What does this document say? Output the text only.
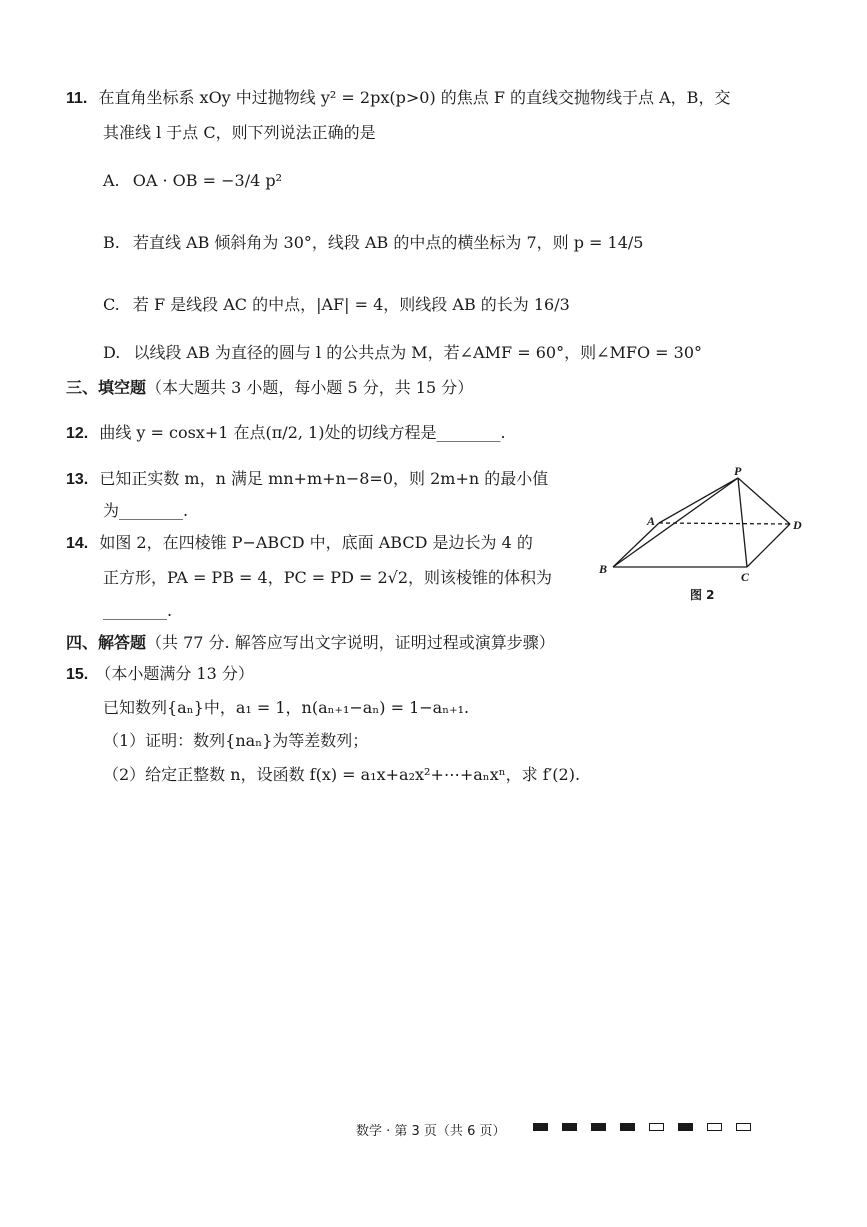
11. 在直角坐标系 xOy 中过抛物线 y² = 2px(p>0) 的焦点 F 的直线交抛物线于点 A，B，交
其准线 l 于点 C，则下列说法正确的是
A. OA · OB = −3/4 p²
B. 若直线 AB 倾斜角为 30°，线段 AB 的中点的横坐标为 7，则 p = 14/5
C. 若 F 是线段 AC 的中点，|AF| = 4，则线段 AB 的长为 16/3
D. 以线段 AB 为直径的圆与 l 的公共点为 M，若∠AMF = 60°，则∠MFO = 30°
三、填空题（本大题共 3 小题，每小题 5 分，共 15 分）
12. 曲线 y = cosx+1 在点(π/2, 1)处的切线方程是________.
13. 已知正实数 m，n 满足 mn+m+n−8=0，则 2m+n 的最小值
为________.
14. 如图 2，在四棱锥 P−ABCD 中，底面 ABCD 是边长为 4 的
正方形，PA = PB = 4，PC = PD = 2√2，则该棱锥的体积为
________.
P
A
B
C
D
图 2
四、解答题（共 77 分. 解答应写出文字说明，证明过程或演算步骤）
15. （本小题满分 13 分）
已知数列{aₙ}中，a₁ = 1，n(aₙ₊₁−aₙ) = 1−aₙ₊₁.
（1）证明：数列{naₙ}为等差数列；
（2）给定正整数 n，设函数 f(x) = a₁x+a₂x²+⋯+aₙxⁿ，求 f′(2).
数学 · 第 3 页（共 6 页）
